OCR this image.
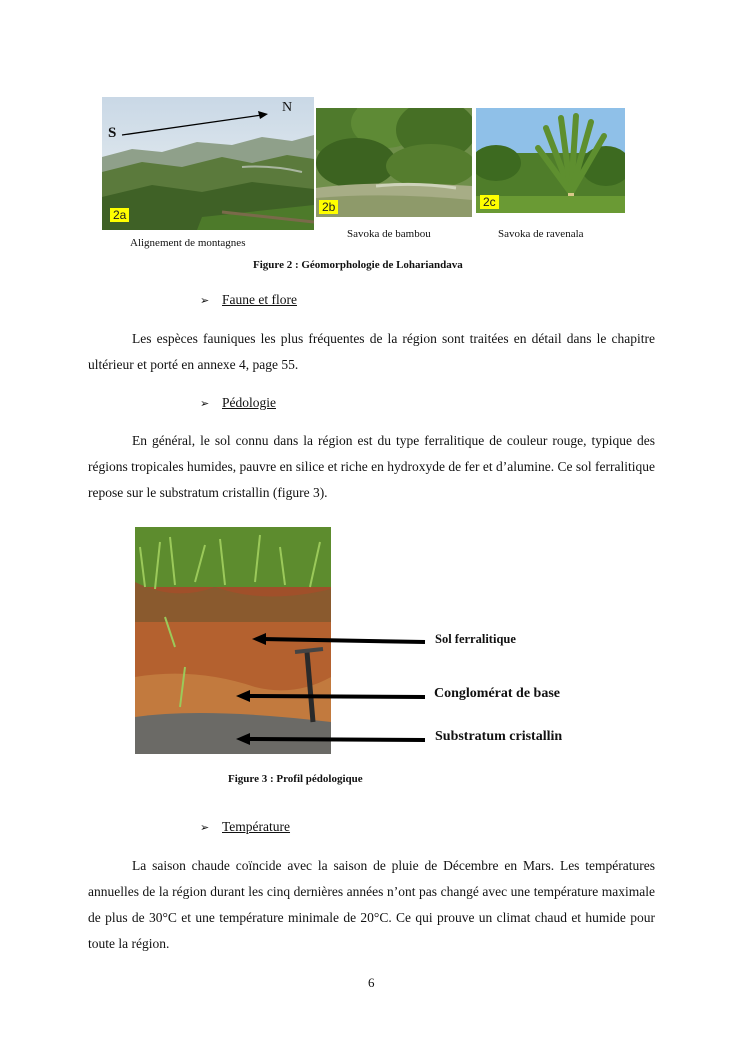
S
N
2a
Alignement de montagnes
2b
Savoka de bambou
2c
Savoka de ravenala
Figure 2 : Géomorphologie de Lohariandava
➢ Faune et flore
Les espèces fauniques les plus fréquentes de la région sont traitées en détail dans le chapitre ultérieur et porté en annexe 4, page 55.
➢ Pédologie
En général, le sol connu dans la région est du type ferralitique de couleur rouge, typique des régions tropicales humides, pauvre en silice et riche en hydroxyde de fer et d’alumine. Ce sol ferralitique repose sur le substratum cristallin (figure 3).
Sol ferralitique
Conglomérat de base
Substratum cristallin
Figure 3 : Profil pédologique
➢ Température
La saison chaude coïncide avec la saison de pluie de Décembre en Mars. Les températures annuelles de la région durant les cinq dernières années n’ont pas changé avec une température maximale de plus de 30°C et une température minimale de 20°C. Ce qui prouve un climat chaud et humide pour toute la région.
6
